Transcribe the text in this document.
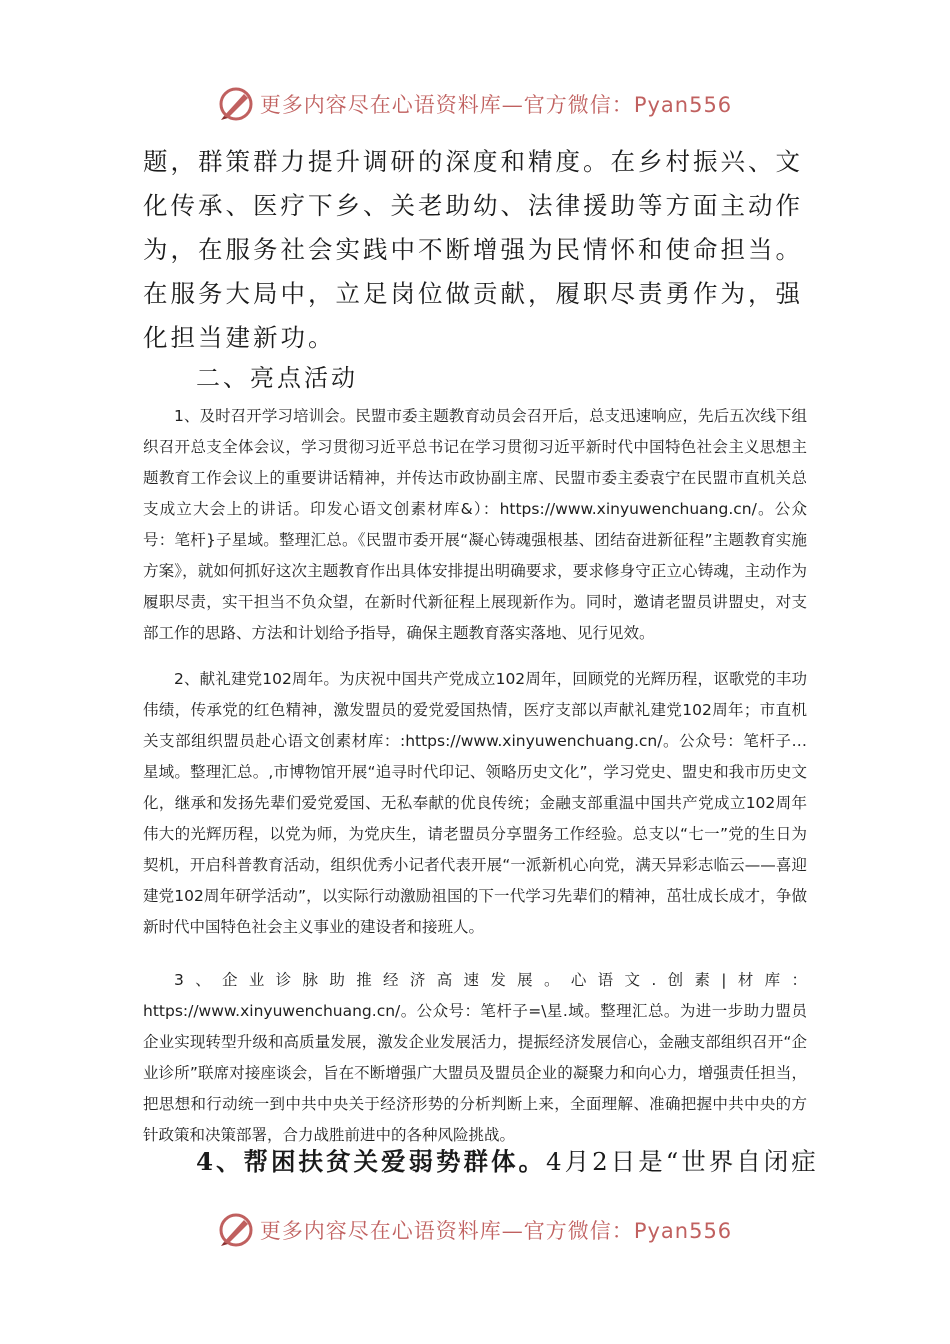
更多内容尽在心语资料库—官方微信：Pyan556
题，群策群力提升调研的深度和精度。在乡村振兴、文化传承、医疗下乡、关老助幼、法律援助等方面主动作为，在服务社会实践中不断增强为民情怀和使命担当。在服务大局中，立足岗位做贡献，履职尽责勇作为，强化担当建新功。
二、亮点活动

1、及时召开学习培训会。民盟市委主题教育动员会召开后，总支迅速响应，先后五次线下组织召开总支全体会议，学习贯彻习近平总书记在学习贯彻习近平新时代中国特色社会主义思想主题教育工作会议上的重要讲话精神，并传达市政协副主席、民盟市委主委袁宁在民盟市直机关总支成立大会上的讲话。印发心语文创素材库&）：https://www.xinyuwenchuang.cn/。公众号：笔杆}子星域。整理汇总。《民盟市委开展“凝心铸魂强根基、团结奋进新征程”主题教育实施方案》，就如何抓好这次主题教育作出具体安排提出明确要求，要求修身守正立心铸魂，主动作为履职尽责，实干担当不负众望，在新时代新征程上展现新作为。同时，邀请老盟员讲盟史，对支部工作的思路、方法和计划给予指导，确保主题教育落实落地、见行见效。

2、献礼建党102周年。为庆祝中国共产党成立102周年，回顾党的光辉历程，讴歌党的丰功伟绩，传承党的红色精神，激发盟员的爱党爱国热情，医疗支部以声献礼建党102周年；市直机关支部组织盟员赴心语文创素材库：:https://www.xinyuwenchuang.cn/。公众号：笔杆子…星域。整理汇总。,市博物馆开展“追寻时代印记、领略历史文化”，学习党史、盟史和我市历史文化，继承和发扬先辈们爱党爱国、无私奉献的优良传统；金融支部重温中国共产党成立102周年伟大的光辉历程，以党为师，为党庆生，请老盟员分享盟务工作经验。总支以“七一”党的生日为契机，开启科普教育活动，组织优秀小记者代表开展“一派新机心向党，满天异彩志临云——喜迎建党102周年研学活动”，以实际行动激励祖国的下一代学习先辈们的精神，茁壮成长成才，争做新时代中国特色社会主义事业的建设者和接班人。

3、企业诊脉助推经济高速发展。心语文.创素|材库：https://www.xinyuwenchuang.cn/。公众号：笔杆子=\星.域。整理汇总。为进一步助力盟员企业实现转型升级和高质量发展，激发企业发展活力，提振经济发展信心，金融支部组织召开“企业诊所”联席对接座谈会，旨在不断增强广大盟员及盟员企业的凝聚力和向心力，增强责任担当，把思想和行动统一到中共中央关于经济形势的分析判断上来，全面理解、准确把握中共中央的方针政策和决策部署，合力战胜前进中的各种风险挑战。

4、帮困扶贫关爱弱势群体。4月2日是“世界自闭症
更多内容尽在心语资料库—官方微信：Pyan556
